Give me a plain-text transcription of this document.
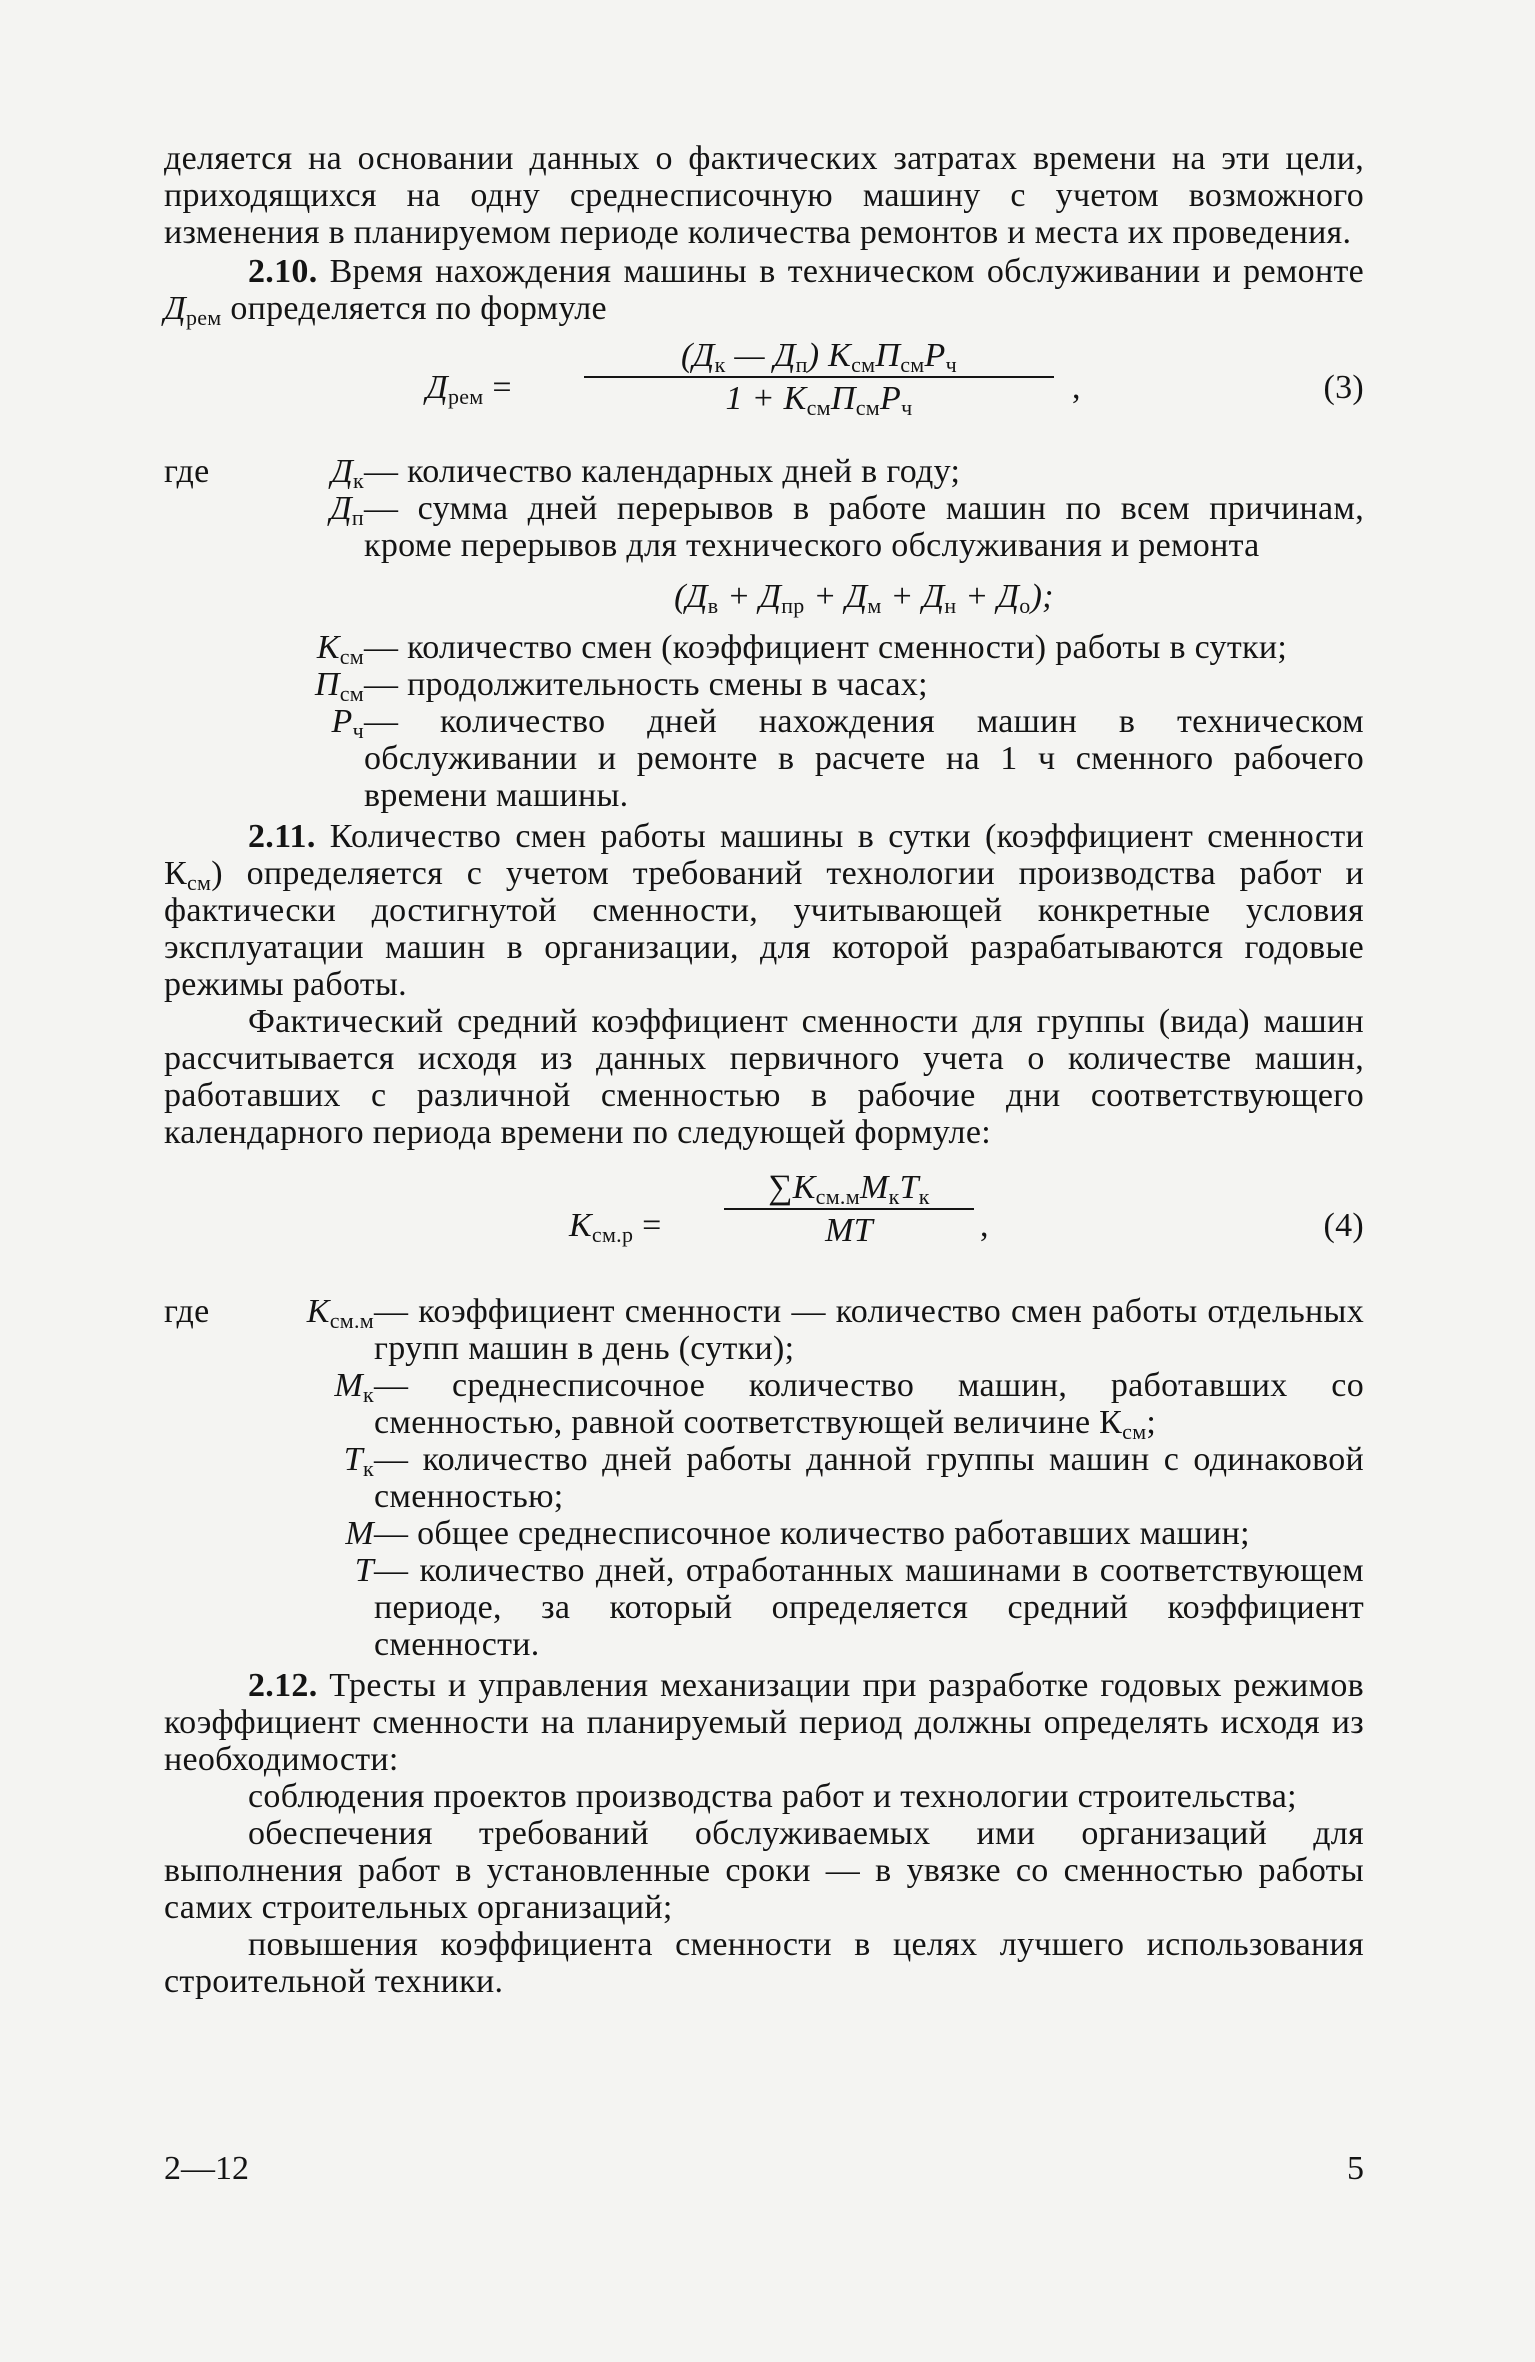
деляется на основании данных о фактических затратах времени на эти цели, приходящихся на одну среднесписочную машину с учетом возможного изменения в планируемом периоде количества ремонтов и места их проведения.

2.10. Время нахождения машины в техническом обслуживании и ремонте $Д_{рем}$ определяется по формуле

$Д_{рем}$ =
($Д_к$ — $Д_п$) $К_{см}П_{см}Р_ч$
$1 + К_{см}П_{см}Р_ч$
,	(3)
где	$Д_к$ — количество календарных дней в году;

$Д_п$ — сумма дней перерывов в работе машин по всем причинам, кроме перерывов для технического обслуживания и ремонта

$(Д_в + Д_{пр} + Д_м + Д_н + Д_о)$;

$К_{см}$ — количество смен (коэффициент сменности) работы в сутки;

$П_{см}$ — продолжительность смены в часах;

$Р_ч$ — количество дней нахождения машин в техническом обслуживании и ремонте в расчете на 1 ч сменного рабочего времени машины.

2.11. Количество смен работы машины в сутки (коэффициент сменности $К_{см}$) определяется с учетом требований технологии производства работ и фактически достигнутой сменности, учитывающей конкретные условия эксплуатации машин в организации, для которой разрабатываются годовые режимы работы.

Фактический средний коэффициент сменности для группы (вида) машин рассчитывается исходя из данных первичного учета о количестве машин, работавших с различной сменностью в рабочие дни соответствующего календарного периода времени по следующей формуле:

$К_{см.р}$ =
$\sum К_{см.м}М_кТ_к$
МТ	,	(4)
где	$К_{см.м}$ — коэффициент сменности — количество смен работы отдельных групп машин в день (сутки);

$М_к$ — среднесписочное количество машин, работавших со сменностью, равной соответствующей величине $К_{см}$;

$Т_к$ — количество дней работы данной группы машин с одинаковой сменностью;

М — общее среднесписочное количество работавших машин;

Т — количество дней, отработанных машинами в соответствующем периоде, за который определяется средний коэффициент сменности.

2.12. Тресты и управления механизации при разработке годовых режимов коэффициент сменности на планируемый период должны определять исходя из необходимости:

соблюдения проектов производства работ и технологии строительства;

обеспечения требований обслуживаемых ими организаций для выполнения работ в установленные сроки — в увязке со сменностью работы самих строительных организаций;

повышения коэффициента сменности в целях лучшего использования строительной техники.

2—12	5
